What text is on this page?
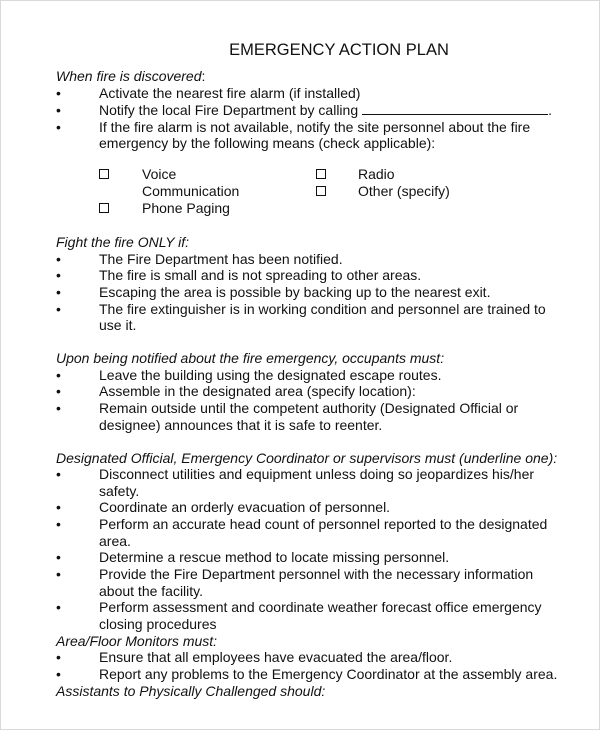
EMERGENCY ACTION PLAN
When fire is discovered:
•	Activate the nearest fire alarm (if installed)
•	Notify the local Fire Department by calling	.
•	If the fire alarm is not available, notify the site personnel about the fire
emergency by the following means (check applicable):
Voice
Communication
Phone Paging
Radio
Other (specify)
Fight the fire ONLY if:
•	The Fire Department has been notified.
•	The fire is small and is not spreading to other areas.
•	Escaping the area is possible by backing up to the nearest exit.
•	The fire extinguisher is in working condition and personnel are trained to
use it.
Upon being notified about the fire emergency, occupants must:
•	Leave the building using the designated escape routes.
•	Assemble in the designated area (specify location):
•	Remain outside until the competent authority (Designated Official or
designee) announces that it is safe to reenter.
Designated Official, Emergency Coordinator or supervisors must (underline one):
•	Disconnect utilities and equipment unless doing so jeopardizes his/her
safety.
•	Coordinate an orderly evacuation of personnel.
•	Perform an accurate head count of personnel reported to the designated
area.
•	Determine a rescue method to locate missing personnel.
•	Provide the Fire Department personnel with the necessary information
about the facility.
•	Perform assessment and coordinate weather forecast office emergency
closing procedures
Area/Floor Monitors must:
•	Ensure that all employees have evacuated the area/floor.
•	Report any problems to the Emergency Coordinator at the assembly area.
Assistants to Physically Challenged should:
